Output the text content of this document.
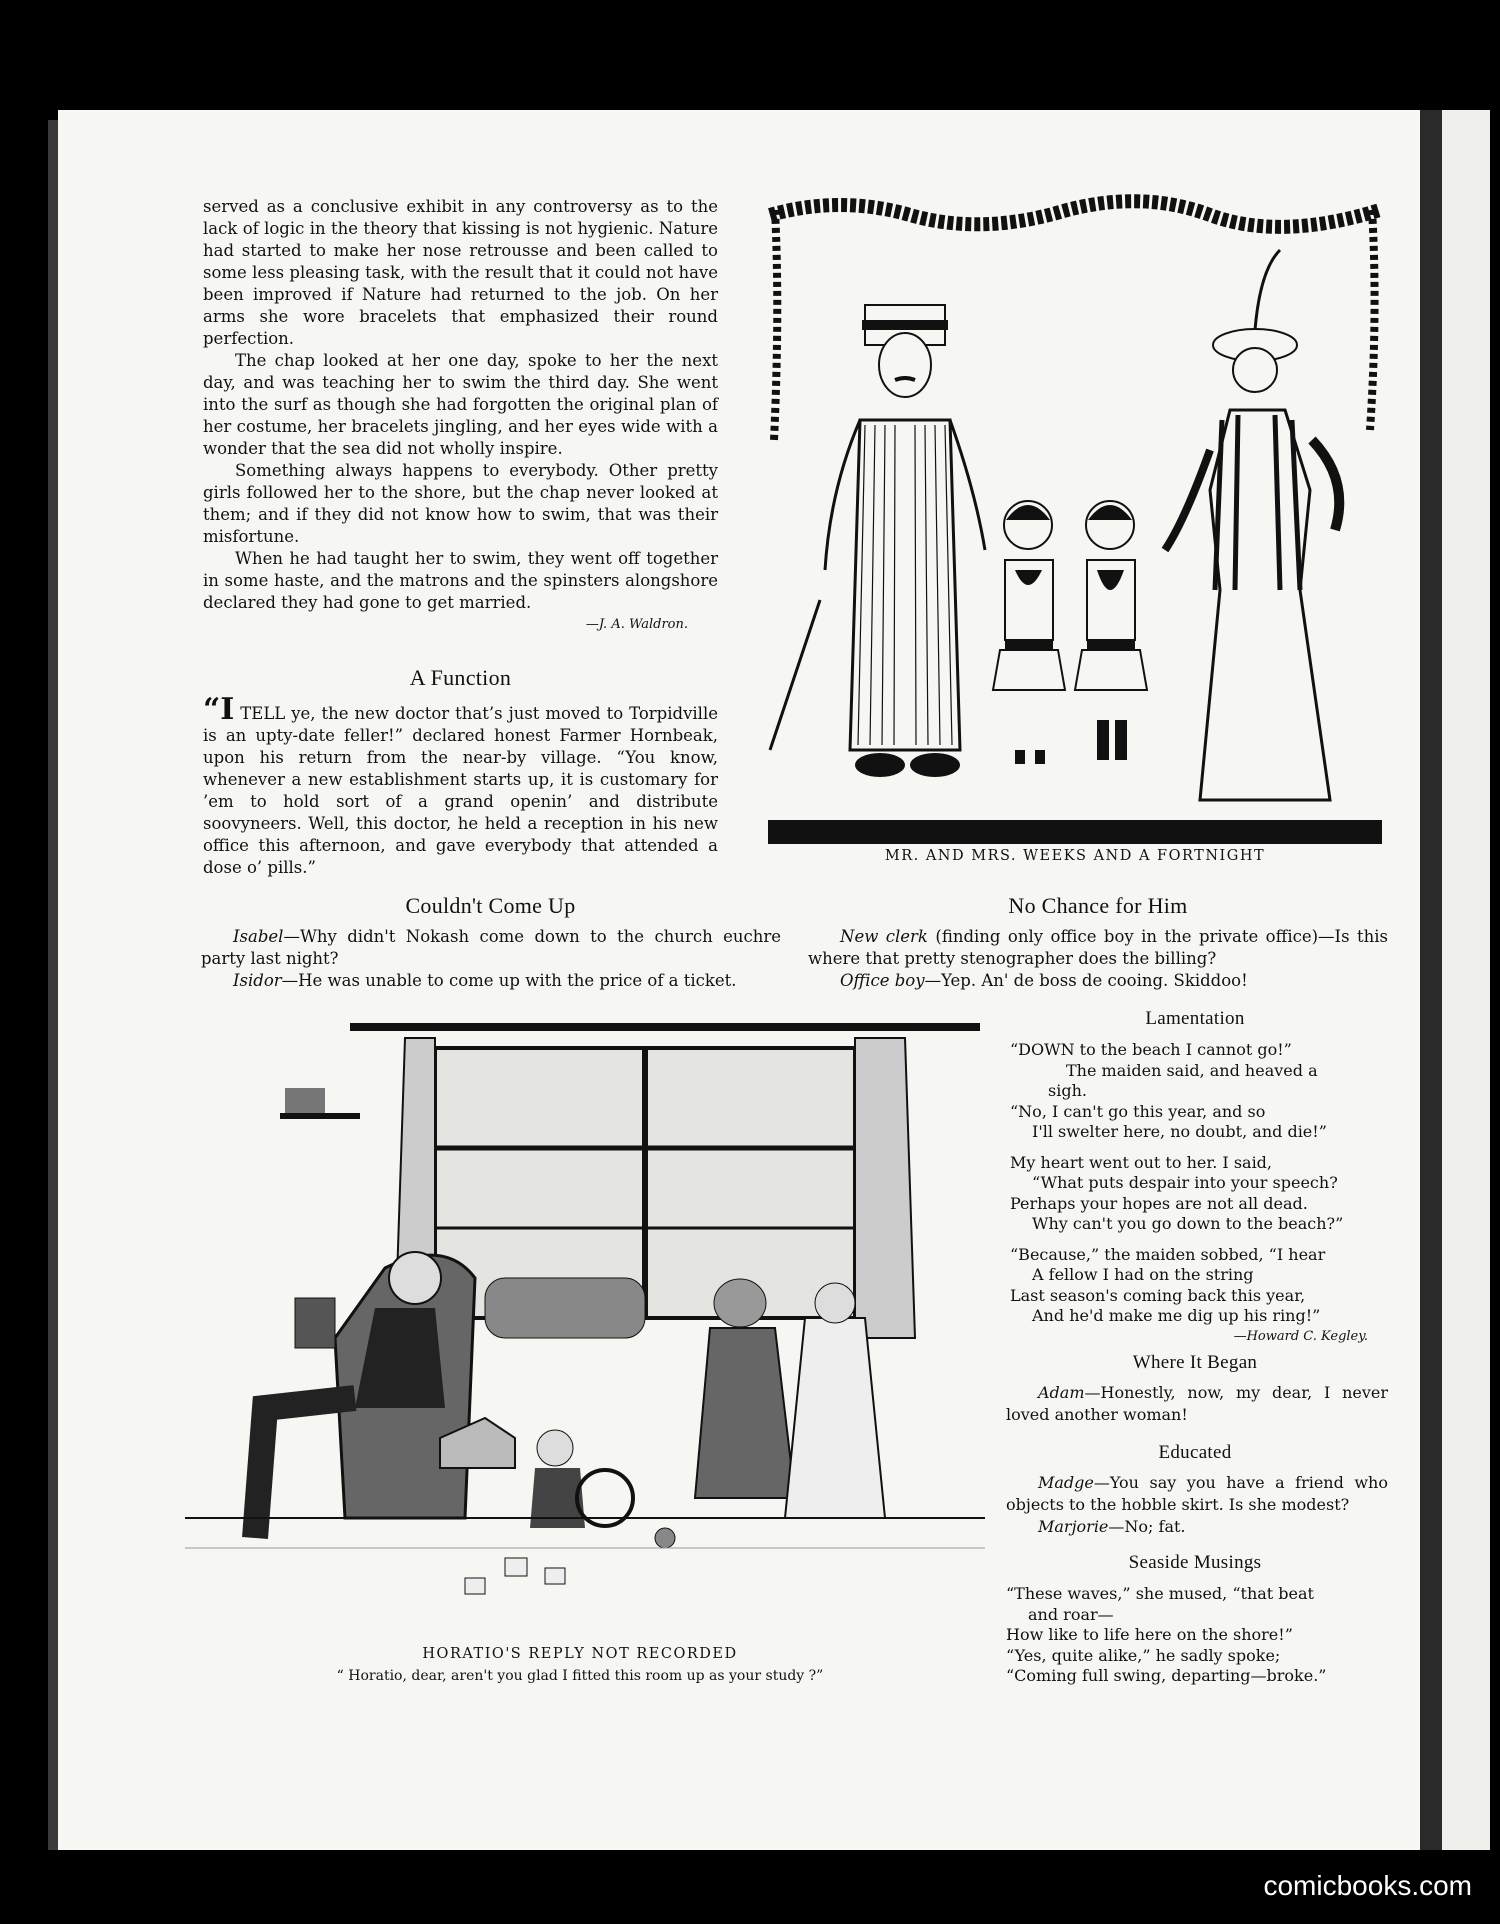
served as a conclusive exhibit in any controversy as to the lack of logic in the theory that kissing is not hygienic. Nature had started to make her nose retrousse and been called to some less pleasing task, with the result that it could not have been improved if Nature had returned to the job. On her arms she wore bracelets that emphasized their round perfection.

The chap looked at her one day, spoke to her the next day, and was teaching her to swim the third day. She went into the surf as though she had forgotten the original plan of her costume, her bracelets jingling, and her eyes wide with a wonder that the sea did not wholly inspire.

Something always happens to everybody. Other pretty girls followed her to the shore, but the chap never looked at them; and if they did not know how to swim, that was their misfortune.

When he had taught her to swim, they went off together in some haste, and the matrons and the spinsters alongshore declared they had gone to get married.

—J. A. Waldron.
A Function

“I TELL ye, the new doctor that’s just moved to Torpidville is an upty-date feller!” declared honest Farmer Hornbeak, upon his return from the near-by village. “You know, whenever a new establishment starts up, it is customary for ’em to hold sort of a grand openin’ and distribute soovyneers. Well, this doctor, he held a reception in his new office this afternoon, and gave everybody that attended a dose o’ pills.”

MR. AND MRS. WEEKS AND A FORTNIGHT
Couldn't Come Up

Isabel—Why didn't Nokash come down to the church euchre party last night?

Isidor—He was unable to come up with the price of a ticket.

No Chance for Him

New clerk (finding only office boy in the private office)—Is this where that pretty stenographer does the billing?

Office boy—Yep. An' de boss de cooing. Skiddoo!

HORATIO'S REPLY NOT RECORDED
“ Horatio, dear, aren't you glad I fitted this room up as your study ?”
Lamentation
“DOWN to the beach I cannot go!”
The maiden said, and heaved a
sigh.
“No, I can't go this year, and so
I'll swelter here, no doubt, and die!”
My heart went out to her. I said,
“What puts despair into your speech?
Perhaps your hopes are not all dead.
Why can't you go down to the beach?”
“Because,” the maiden sobbed, “I hear
A fellow I had on the string
Last season's coming back this year,
And he'd make me dig up his ring!”
—Howard C. Kegley.
Where It Began

Adam—Honestly, now, my dear, I never loved another woman!

Educated

Madge—You say you have a friend who objects to the hobble skirt. Is she modest?

Marjorie—No; fat.

Seaside Musings
“These waves,” she mused, “that beat
and roar—
How like to life here on the shore!”
“Yes, quite alike,” he sadly spoke;
“Coming full swing, departing—broke.”
comicbooks.com
